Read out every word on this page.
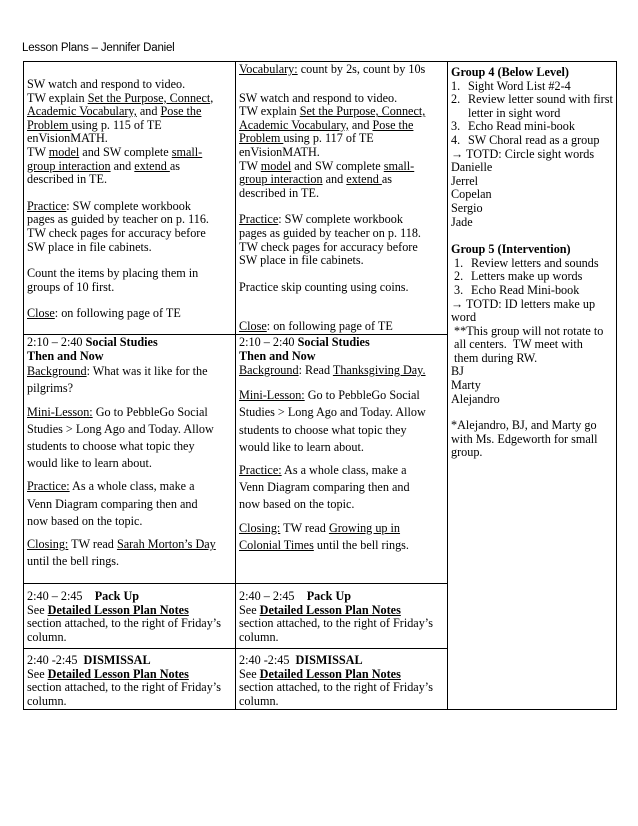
Lesson Plans – Jennifer Daniel

SW watch and respond to video.

TW explain Set the Purpose, Connect,

Academic Vocabulary, and Pose the

Problem using p. 115 of TE

enVisionMATH.

TW model and SW complete small-

group interaction and extend as

described in TE.

Practice: SW complete workbook

pages as guided by teacher on p. 116.

TW check pages for accuracy before

SW place in file cabinets.

Count the items by placing them in

groups of 10 first.

Close: on following page of TE

Vocabulary: count by 2s, count by 10s

SW watch and respond to video.

TW explain Set the Purpose, Connect,

Academic Vocabulary, and Pose the

Problem using p. 117 of TE

enVisionMATH.

TW model and SW complete small-

group interaction and extend as

described in TE.

Practice: SW complete workbook

pages as guided by teacher on p. 118.

TW check pages for accuracy before

SW place in file cabinets.

Practice skip counting using coins.

Close: on following page of TE

2:10 – 2:40 Social Studies

Then and Now

Background: What was it like for the

pilgrims?

Mini-Lesson: Go to PebbleGo Social

Studies > Long Ago and Today. Allow

students to choose what topic they

would like to learn about.

Practice: As a whole class, make a

Venn Diagram comparing then and

now based on the topic.

Closing: TW read Sarah Morton’s Day

until the bell rings.

2:10 – 2:40 Social Studies

Then and Now

Background: Read Thanksgiving Day.

Mini-Lesson: Go to PebbleGo Social

Studies > Long Ago and Today. Allow

students to choose what topic they

would like to learn about.

Practice: As a whole class, make a

Venn Diagram comparing then and

now based on the topic.

Closing: TW read Growing up in

Colonial Times until the bell rings.

2:40 – 2:45    Pack Up

See Detailed Lesson Plan Notes

section attached, to the right of Friday’s

column.

2:40 – 2:45    Pack Up

See Detailed Lesson Plan Notes

section attached, to the right of Friday’s

column.

2:40 -2:45  DISMISSAL

See Detailed Lesson Plan Notes

section attached, to the right of Friday’s

column.

2:40 -2:45  DISMISSAL

See Detailed Lesson Plan Notes

section attached, to the right of Friday’s

column.

Group 4 (Below Level)

1. Sight Word List #2-4
2. Review letter sound with first letter in sight word
3. Echo Read mini-book
4. SW Choral read as a group

→ TOTD: Circle sight words

Danielle

Jerrel

Copelan

Sergio

Jade

Group 5 (Intervention)

1. Review letters and sounds
2. Letters make up words
3. Echo Read Mini-book

→ TOTD: ID letters make up

word

**This group will not rotate to

all centers.  TW meet with

them during RW.

BJ

Marty

Alejandro

*Alejandro, BJ, and Marty go

with Ms. Edgeworth for small

group.
